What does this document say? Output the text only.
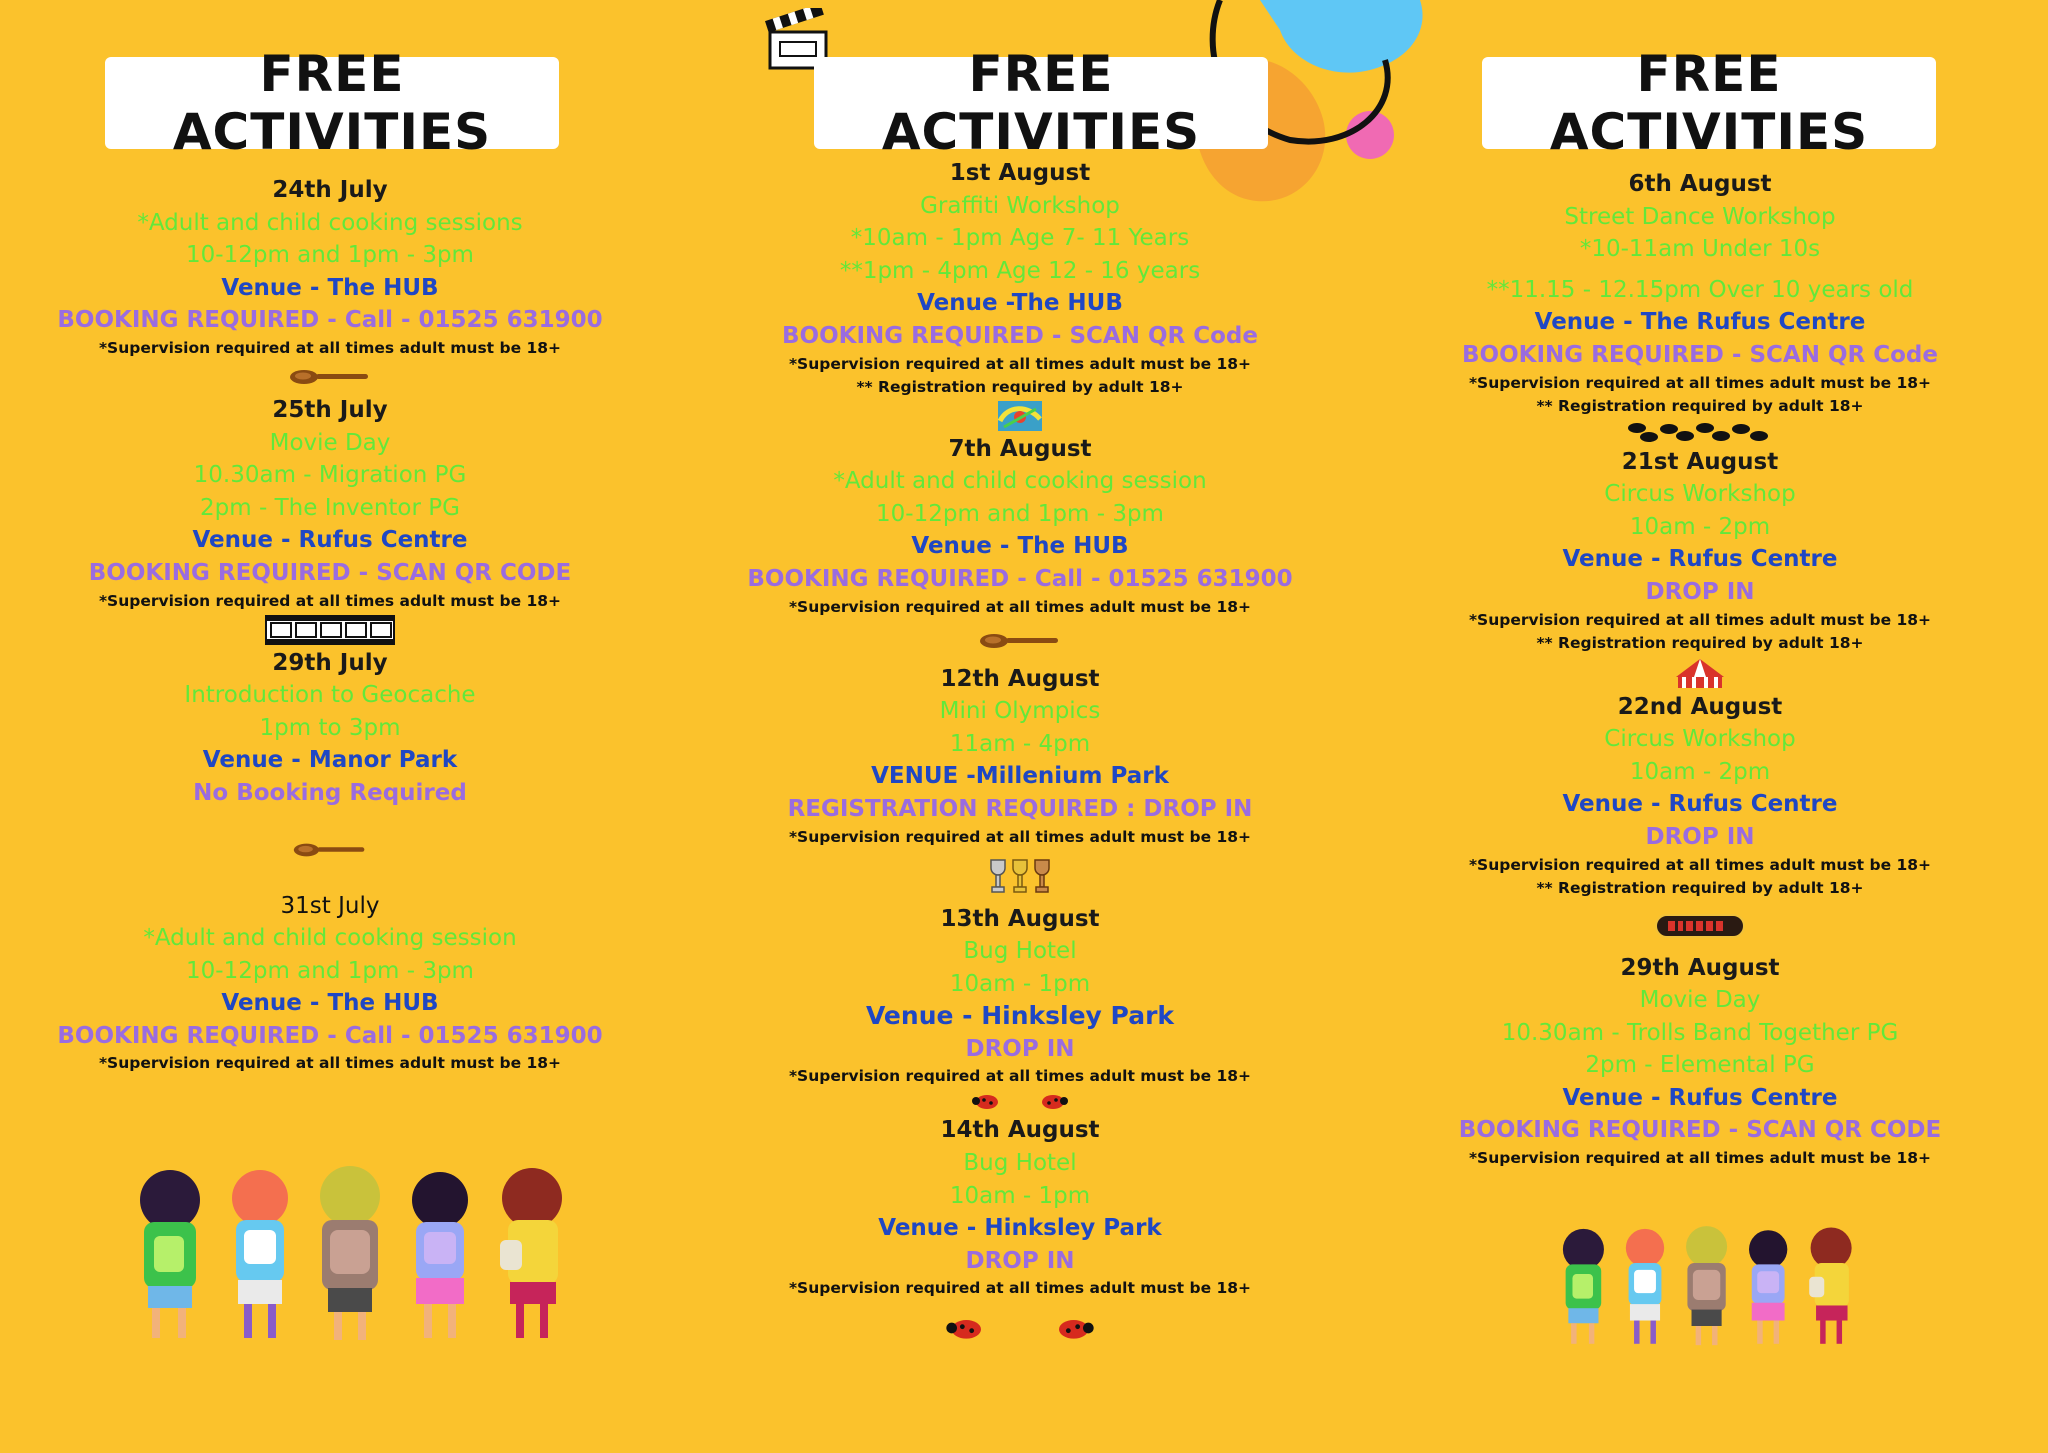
FREE ACTIVITIES
FREE ACTIVITIES
FREE ACTIVITIES
24th July
*Adult and child cooking sessions
10-12pm and 1pm - 3pm
Venue - The HUB
BOOKING REQUIRED - Call - 01525 631900
*Supervision required at all times adult must be 18+
25th July
Movie Day
10.30am - Migration PG
2pm - The Inventor PG
Venue - Rufus Centre
BOOKING REQUIRED - SCAN QR CODE
*Supervision required at all times adult must be 18+
29th July
Introduction to Geocache
1pm to 3pm
Venue - Manor Park
No Booking Required
31st July
*Adult and child cooking session
10-12pm and 1pm - 3pm
Venue - The HUB
BOOKING REQUIRED - Call - 01525 631900
*Supervision required at all times adult must be 18+
1st August
Graffiti Workshop
*10am - 1pm Age 7- 11 Years
**1pm - 4pm Age 12 - 16 years
Venue -The HUB
BOOKING REQUIRED - SCAN QR Code
*Supervision required at all times adult must be 18+
** Registration required by adult 18+
7th August
*Adult and child cooking session
10-12pm and 1pm - 3pm
Venue - The HUB
BOOKING REQUIRED - Call - 01525 631900
*Supervision required at all times adult must be 18+
12th August
Mini Olympics
11am - 4pm
VENUE -Millenium Park
REGISTRATION REQUIRED : DROP IN
*Supervision required at all times adult must be 18+
13th August
Bug Hotel
10am - 1pm
Venue - Hinksley Park
DROP IN
*Supervision required at all times adult must be 18+
14th August
Bug Hotel
10am - 1pm
Venue - Hinksley Park
DROP IN
*Supervision required at all times adult must be 18+
6th August
Street Dance Workshop
*10-11am Under 10s
**11.15 - 12.15pm Over 10 years old
Venue - The Rufus Centre
BOOKING REQUIRED - SCAN QR Code
*Supervision required at all times adult must be 18+
** Registration required by adult 18+
21st August
Circus Workshop
10am - 2pm
Venue - Rufus Centre
DROP IN
*Supervision required at all times adult must be 18+
** Registration required by adult 18+
22nd August
Circus Workshop
10am - 2pm
Venue - Rufus Centre
DROP IN
*Supervision required at all times adult must be 18+
** Registration required by adult 18+
29th August
Movie Day
10.30am - Trolls Band Together PG
2pm - Elemental PG
Venue - Rufus Centre
BOOKING REQUIRED - SCAN QR CODE
*Supervision required at all times adult must be 18+
